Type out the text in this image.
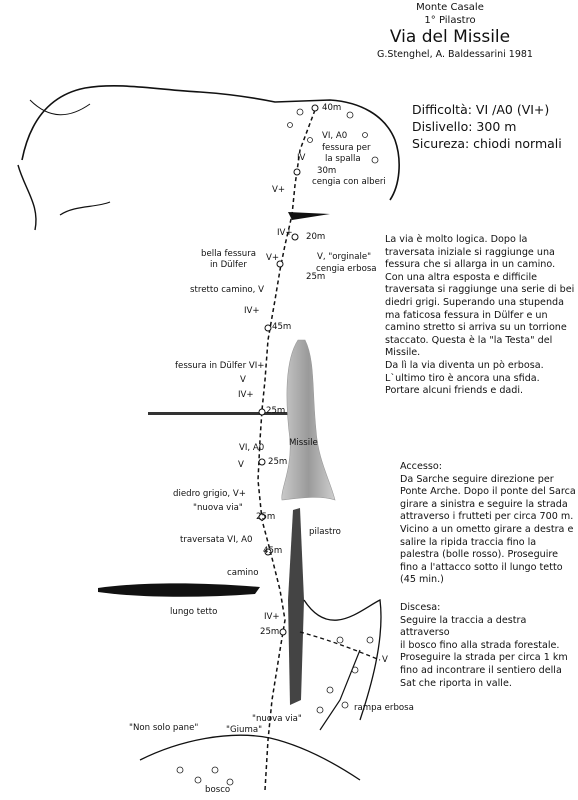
Monte Casale
1° Pilastro
Via del Missile
G.Stenghel, A. Baldessarini 1981
Difficoltà: VI /A0 (VI+)
Dislivello: 300 m
Sicureza: chiodi normali
La via è molto logica. Dopo la
traversata iniziale si raggiunge una
fessura che si allarga in un camino.
Con una altra esposta e difficile
traversata si raggiunge una serie di bei
diedri grigi. Superando una stupenda
ma faticosa fessura in Dülfer e un
camino stretto si arriva su un torrione
staccato. Questa è la "la Testa" del
Missile.
Da lì la via diventa un pò erbosa.
L`ultimo tiro è ancora una sfida.
Portare alcuni friends e dadi.
Accesso:
Da Sarche seguire direzione per
Ponte Arche. Dopo il ponte del Sarca
girare a sinistra e seguire la strada
attraverso i frutteti per circa 700 m.
Vicino a un ometto girare a destra e
salire la ripida traccia fino la
palestra (bolle rosso). Proseguire
fino a l'attacco sotto il lungo tetto
(45 min.)
Discesa:
Seguire la traccia a destra attraverso
il bosco fino alla strada forestale.
Proseguire la strada per circa 1 km
fino ad incontrare il sentiero della
Sat che riporta in valle.
40m
30m
20m
25m
45m
25m
25m
25m
45m
25m
IV
V+
IV+
V+
IV+
V
IV+
V
IV+
V
VI, A0
fessura per
la spalla
cengia con alberi
bella fessura
in Dülfer
V, "orginale"
cengia erbosa
stretto camino, V
fessura in Dülfer VI+
Missile
VI, A0
diedro grigio, V+
"nuova via"
traversata VI, A0
pilastro
camino
lungo tetto
rampa erbosa
"Non solo pane"	"Giuma"
"nuova via"
bosco
